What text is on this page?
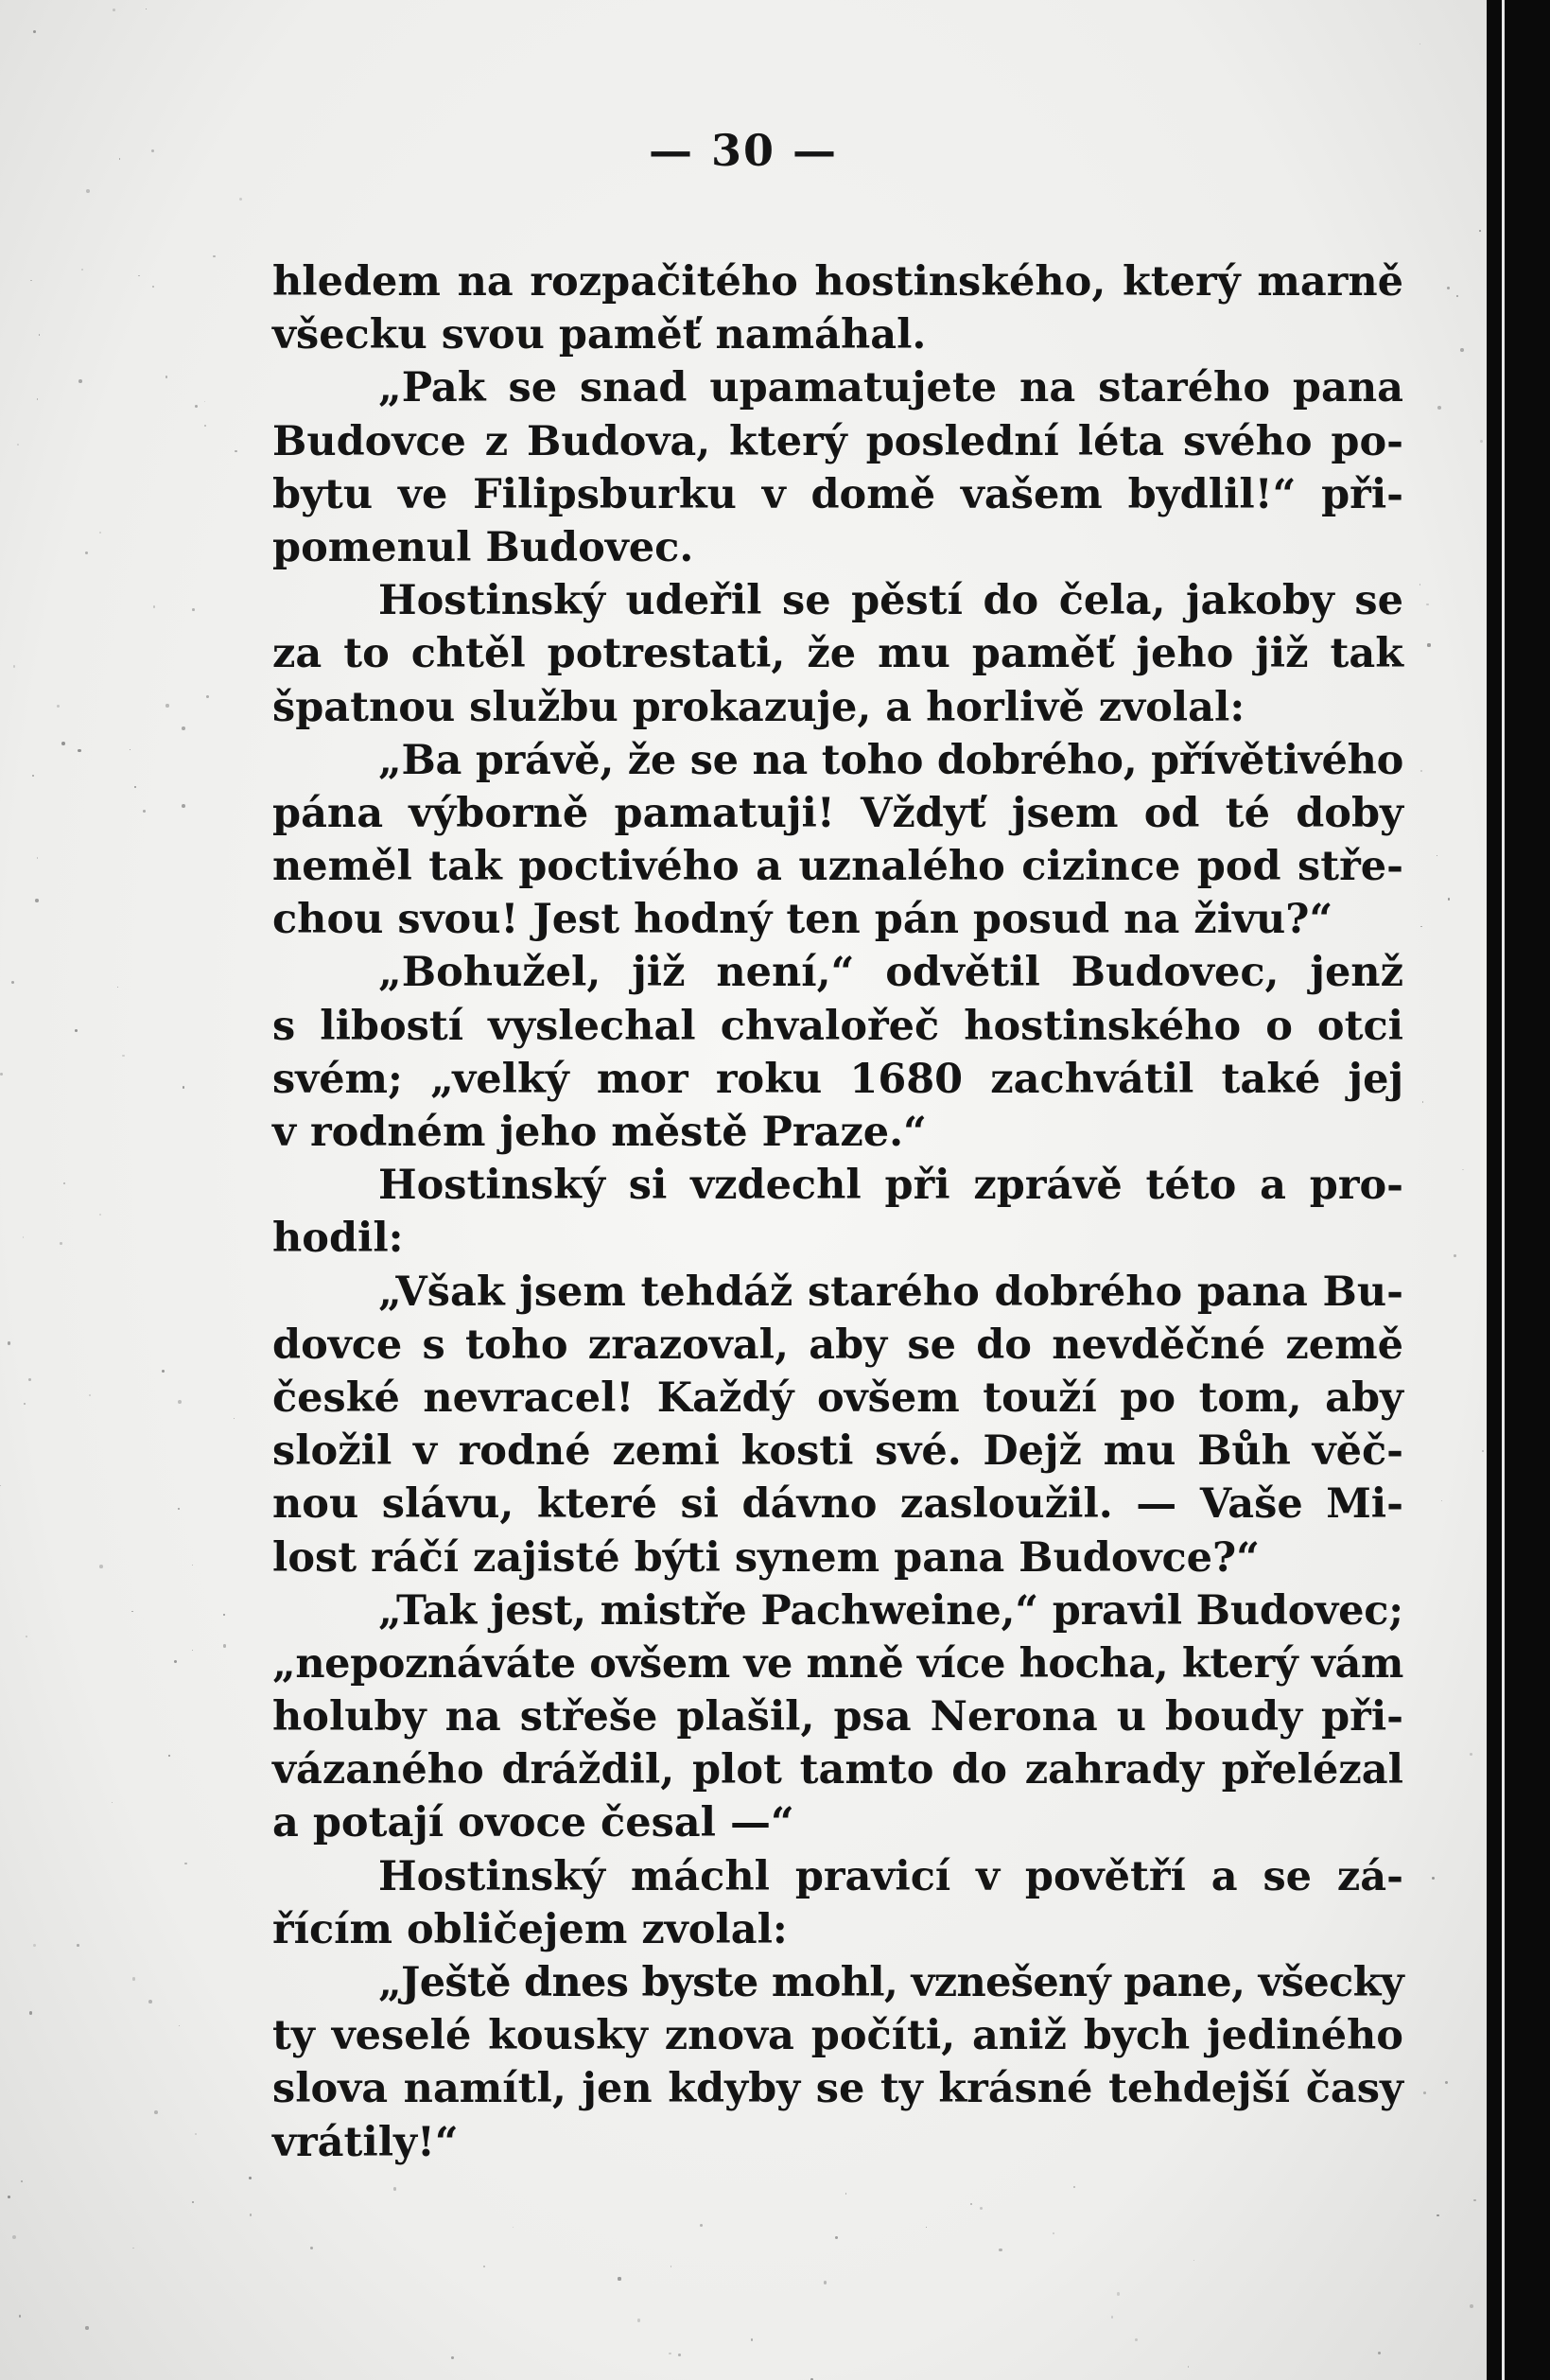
— 30 —
hledem na rozpačitého hostinského, který marně
všecku svou paměť namáhal.
„Pak se snad upamatujete na starého pana
Budovce z Budova, který poslední léta svého po-
bytu ve Filipsburku v domě vašem bydlil!“ při-
pomenul Budovec.
Hostinský udeřil se pěstí do čela, jakoby se
za to chtěl potrestati, že mu paměť jeho již tak
špatnou službu prokazuje, a horlivě zvolal:
„Ba právě, že se na toho dobrého, přívětivého
pána výborně pamatuji! Vždyť jsem od té doby
neměl tak poctivého a uznalého cizince pod stře-
chou svou! Jest hodný ten pán posud na živu?“
„Bohužel, již není,“ odvětil Budovec, jenž
s libostí vyslechal chvalořeč hostinského o otci
svém; „velký mor roku 1680 zachvátil také jej
v rodném jeho městě Praze.“
Hostinský si vzdechl při zprávě této a pro-
hodil:
„Však jsem tehdáž starého dobrého pana Bu-
dovce s toho zrazoval, aby se do nevděčné země
české nevracel! Každý ovšem touží po tom, aby
složil v rodné zemi kosti své. Dejž mu Bůh věč-
nou slávu, které si dávno zasloužil. — Vaše Mi-
lost ráčí zajisté býti synem pana Budovce?“
„Tak jest, mistře Pachweine,“ pravil Budovec;
„nepoznáváte ovšem ve mně více hocha, který vám
holuby na střeše plašil, psa Nerona u boudy při-
vázaného dráždil, plot tamto do zahrady přelézal
a potají ovoce česal —“
Hostinský máchl pravicí v povětří a se zá-
řícím obličejem zvolal:
„Ještě dnes byste mohl, vznešený pane, všecky
ty veselé kousky znova počíti, aniž bych jediného
slova namítl, jen kdyby se ty krásné tehdejší časy
vrátily!“
